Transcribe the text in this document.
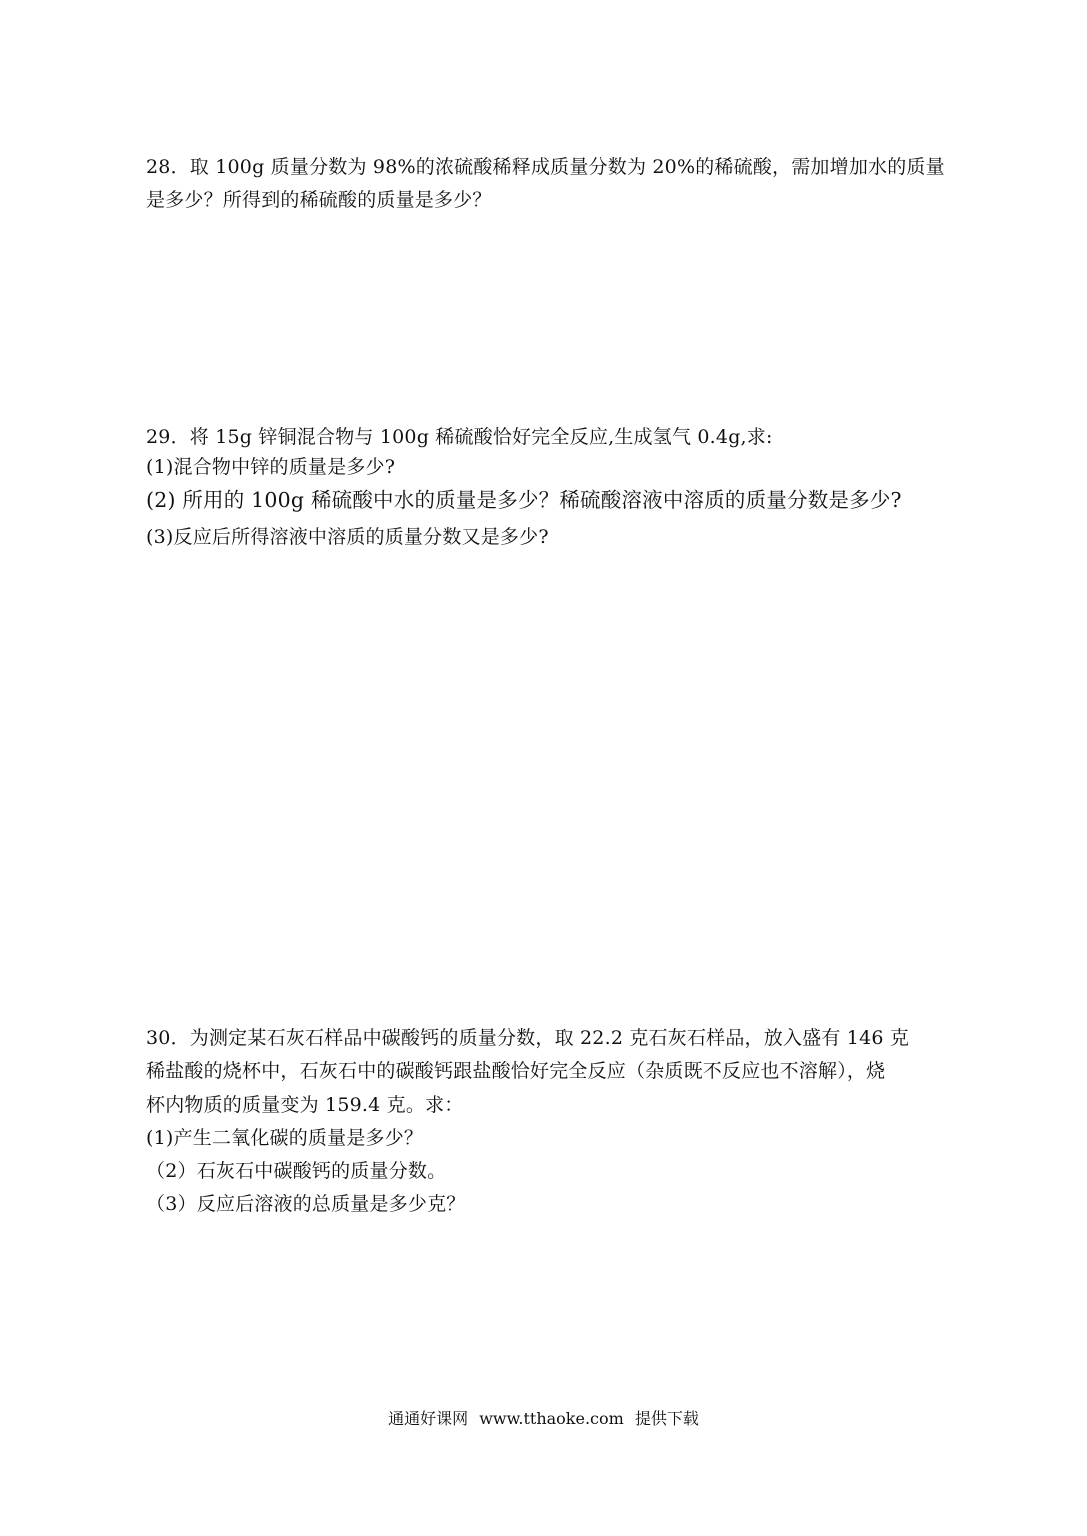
28．取 100g 质量分数为 98%的浓硫酸稀释成质量分数为 20%的稀硫酸，需加增加水的质量
是多少？所得到的稀硫酸的质量是多少？
29．将 15g 锌铜混合物与 100g 稀硫酸恰好完全反应,生成氢气 0.4g,求:
(1)混合物中锌的质量是多少?
(2) 所用的 100g 稀硫酸中水的质量是多少？稀硫酸溶液中溶质的质量分数是多少?
(3)反应后所得溶液中溶质的质量分数又是多少?
30．为测定某石灰石样品中碳酸钙的质量分数，取 22.2 克石灰石样品，放入盛有 146 克
稀盐酸的烧杯中，石灰石中的碳酸钙跟盐酸恰好完全反应（杂质既不反应也不溶解），烧
杯内物质的质量变为 159.4 克。求：
(1)产生二氧化碳的质量是多少？
（2）石灰石中碳酸钙的质量分数。
（3）反应后溶液的总质量是多少克？
通通好课网 www.tthaoke.com 提供下载
